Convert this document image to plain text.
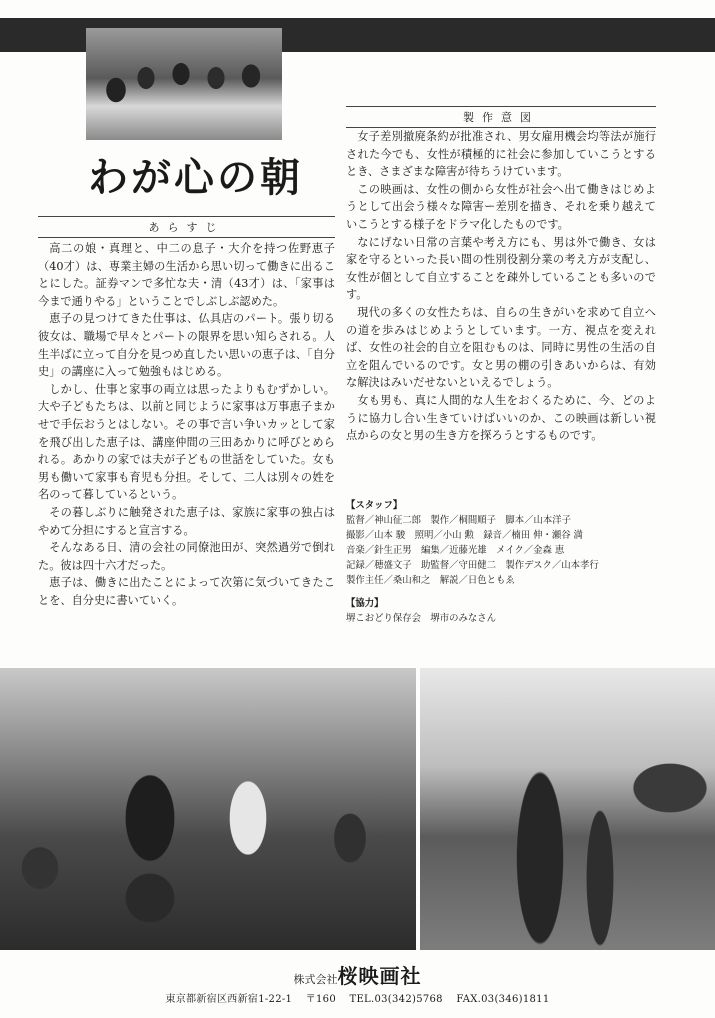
わが心の朝
あらすじ

高二の娘・真理と、中二の息子・大介を持つ佐野恵子（40才）は、専業主婦の生活から思い切って働きに出ることにした。証券マンで多忙な夫・清（43才）は、「家事は今まで通りやる」ということでしぶしぶ認めた。

恵子の見つけてきた仕事は、仏具店のパート。張り切る彼女は、職場で早々とパートの限界を思い知らされる。人生半ばに立って自分を見つめ直したい思いの恵子は、「自分史」の講座に入って勉強もはじめる。

しかし、仕事と家事の両立は思ったよりもむずかしい。大や子どもたちは、以前と同じように家事は万事恵子まかせで手伝おうとはしない。その事で言い争いカッとして家を飛び出した恵子は、講座仲間の三田あかりに呼びとめられる。あかりの家では夫が子どもの世話をしていた。女も男も働いて家事も育児も分担。そして、二人は別々の姓を名のって暮しているという。

その暮しぶりに触発された恵子は、家族に家事の独占はやめて分担にすると宣言する。

そんなある日、清の会社の同僚池田が、突然過労で倒れた。彼は四十六才だった。

恵子は、働きに出たことによって次第に気づいてきたことを、自分史に書いていく。

製作意図

女子差別撤廃条約が批准され、男女雇用機会均等法が施行された今でも、女性が積極的に社会に参加していこうとするとき、さまざまな障害が待ちうけています。

この映画は、女性の側から女性が社会へ出て働きはじめようとして出会う様々な障害ー差別を描き、それを乗り越えていこうとする様子をドラマ化したものです。

なにげない日常の言葉や考え方にも、男は外で働き、女は家を守るといった長い間の性別役割分業の考え方が支配し、女性が個として自立することを疎外していることも多いのです。

現代の多くの女性たちは、自らの生きがいを求めて自立への道を歩みはじめようとしています。一方、視点を変えれば、女性の社会的自立を阻むものは、同時に男性の生活の自立を阻んでいるのです。女と男の棚の引きあいからは、有効な解決はみいだせないといえるでしょう。

女も男も、真に人間的な人生をおくるために、今、どのように協力し合い生きていけばいいのか、この映画は新しい視点からの女と男の生き方を探ろうとするものです。

【スタッフ】

監督／神山征二郎　製作／桐間順子　脚本／山本洋子

撮影／山本 駿　照明／小山 勲　録音／楠田 伸・瀬谷 満

音楽／針生正男　編集／近藤光雄　メイク／金森 恵

記録／穂盛文子　助監督／守田健二　製作デスク／山本孝行

製作主任／桑山和之　解説／日色ともゑ

【協力】

堺こおどり保存会　堺市のみなさん

株式会社桜映画社
東京都新宿区西新宿1-22-1 〒160 TEL.03(342)5768 FAX.03(346)1811
